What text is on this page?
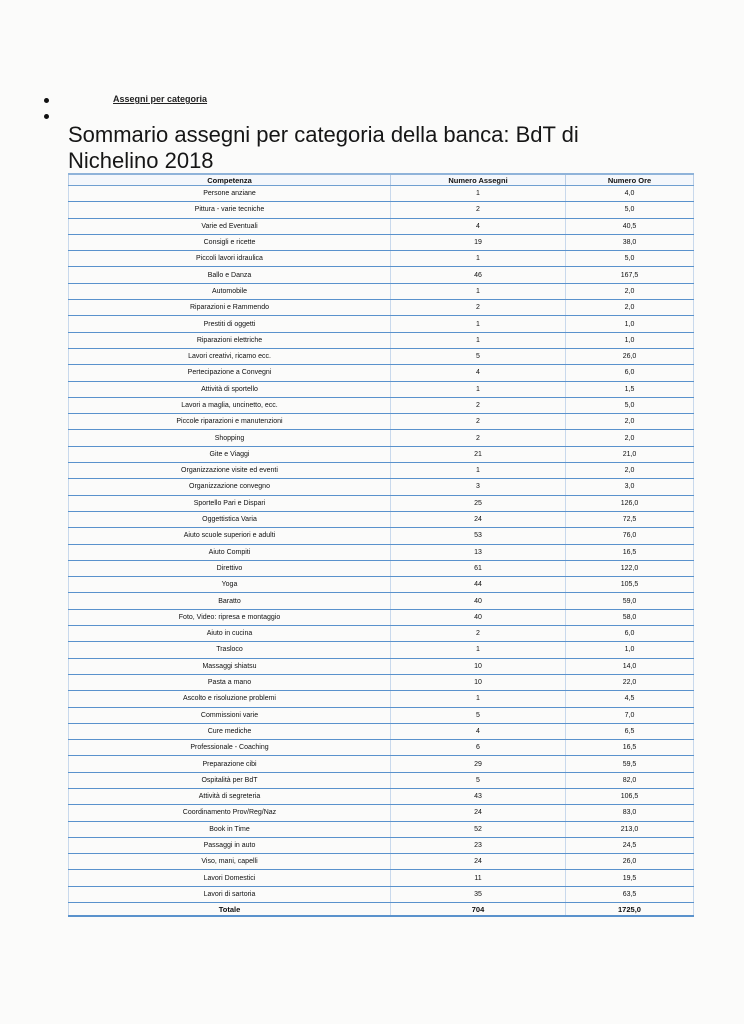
Assegni per categoria
Sommario assegni per categoria della banca: BdT di Nichelino 2018
Competenza	Numero Assegni	Numero Ore
Persone anziane	1	4,0
Pittura - varie tecniche	2	5,0
Varie ed Eventuali	4	40,5
Consigli e ricette	19	38,0
Piccoli lavori idraulica	1	5,0
Ballo e Danza	46	167,5
Automobile	1	2,0
Riparazioni e Rammendo	2	2,0
Prestiti di oggetti	1	1,0
Riparazioni elettriche	1	1,0
Lavori creativi, ricamo ecc.	5	26,0
Pertecipazione a Convegni	4	6,0
Attività di sportello	1	1,5
Lavori a maglia, uncinetto, ecc.	2	5,0
Piccole riparazioni e manutenzioni	2	2,0
Shopping	2	2,0
Gite e Viaggi	21	21,0
Organizzazione visite ed eventi	1	2,0
Organizzazione convegno	3	3,0
Sportello Pari e Dispari	25	126,0
Oggettistica Varia	24	72,5
Aiuto scuole superiori e adulti	53	76,0
Aiuto Compiti	13	16,5
Direttivo	61	122,0
Yoga	44	105,5
Baratto	40	59,0
Foto, Video: ripresa e montaggio	40	58,0
Aiuto in cucina	2	6,0
Trasloco	1	1,0
Massaggi shiatsu	10	14,0
Pasta a mano	10	22,0
Ascolto e risoluzione problemi	1	4,5
Commissioni varie	5	7,0
Cure mediche	4	6,5
Professionale - Coaching	6	16,5
Preparazione cibi	29	59,5
Ospitalità per BdT	5	82,0
Attività di segreteria	43	106,5
Coordinamento Prov/Reg/Naz	24	83,0
Book in Time	52	213,0
Passaggi in auto	23	24,5
Viso, mani, capelli	24	26,0
Lavori Domestici	11	19,5
Lavori di sartoria	35	63,5
Totale	704	1725,0
